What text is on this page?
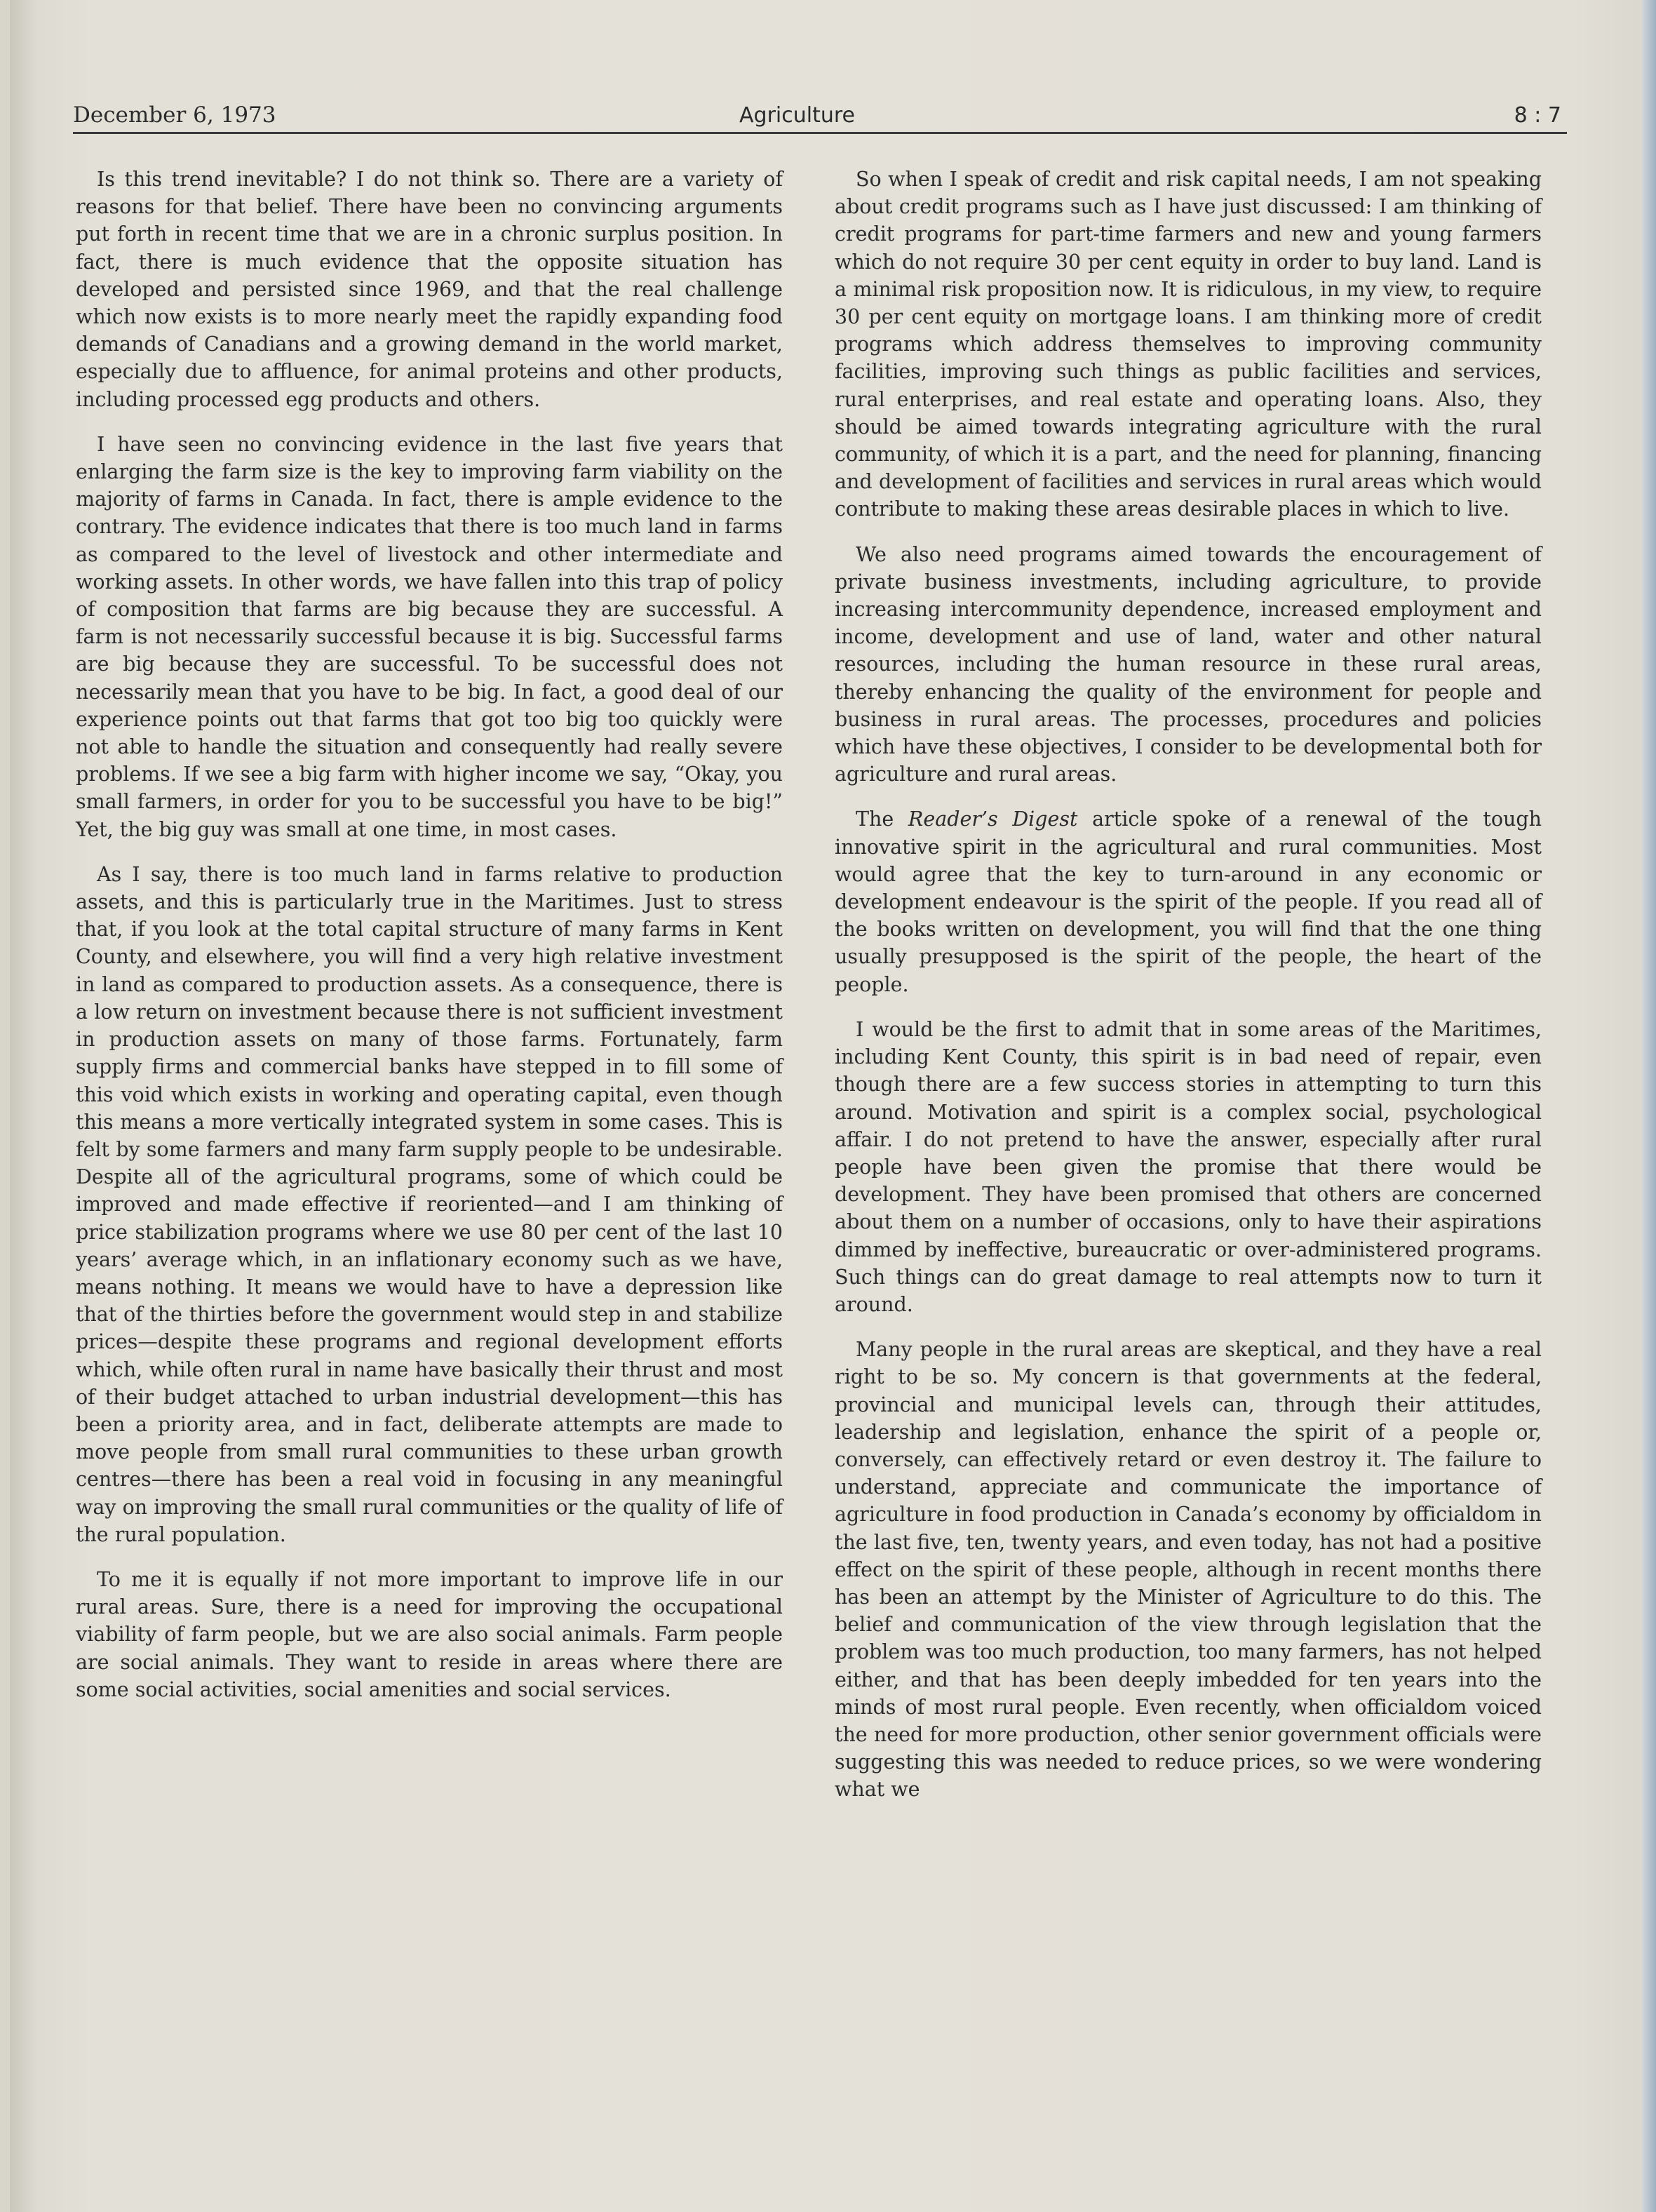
December 6, 1973	Agriculture	8 : 7

Is this trend inevitable? I do not think so. There are a variety of reasons for that belief. There have been no convincing arguments put forth in recent time that we are in a chronic surplus position. In fact, there is much evidence that the opposite situation has developed and persisted since 1969, and that the real challenge which now exists is to more nearly meet the rapidly expanding food demands of Canadians and a growing demand in the world market, especially due to affluence, for animal proteins and other products, including processed egg products and others.

I have seen no convincing evidence in the last five years that enlarging the farm size is the key to improving farm viability on the majority of farms in Canada. In fact, there is ample evidence to the contrary. The evidence indicates that there is too much land in farms as compared to the level of livestock and other intermediate and working assets. In other words, we have fallen into this trap of policy of composition that farms are big because they are successful. A farm is not necessarily successful because it is big. Successful farms are big because they are successful. To be successful does not necessarily mean that you have to be big. In fact, a good deal of our experience points out that farms that got too big too quickly were not able to handle the situation and consequently had really severe problems. If we see a big farm with higher income we say, “Okay, you small farmers, in order for you to be successful you have to be big!” Yet, the big guy was small at one time, in most cases.

As I say, there is too much land in farms relative to production assets, and this is particularly true in the Maritimes. Just to stress that, if you look at the total capital structure of many farms in Kent County, and elsewhere, you will find a very high relative investment in land as compared to production assets. As a consequence, there is a low return on investment because there is not sufficient investment in production assets on many of those farms. Fortunately, farm supply firms and commercial banks have stepped in to fill some of this void which exists in working and operating capital, even though this means a more vertically integrated system in some cases. This is felt by some farmers and many farm supply people to be undesirable. Despite all of the agricultural programs, some of which could be improved and made effective if reoriented—and I am thinking of price stabilization programs where we use 80 per cent of the last 10 years’ average which, in an inflationary economy such as we have, means nothing. It means we would have to have a depression like that of the thirties before the government would step in and stabilize prices—despite these programs and regional development efforts which, while often rural in name have basically their thrust and most of their budget attached to urban industrial development—this has been a priority area, and in fact, deliberate attempts are made to move people from small rural communities to these urban growth centres—there has been a real void in focusing in any meaningful way on improving the small rural communities or the quality of life of the rural population.

To me it is equally if not more important to improve life in our rural areas. Sure, there is a need for improving the occupational viability of farm people, but we are also social animals. Farm people are social animals. They want to reside in areas where there are some social activities, social amenities and social services.

So when I speak of credit and risk capital needs, I am not speaking about credit programs such as I have just discussed: I am thinking of credit programs for part-time farmers and new and young farmers which do not require 30 per cent equity in order to buy land. Land is a minimal risk proposition now. It is ridiculous, in my view, to require 30 per cent equity on mortgage loans. I am thinking more of credit programs which address themselves to improving community facilities, improving such things as public facilities and services, rural enterprises, and real estate and operating loans. Also, they should be aimed towards integrating agriculture with the rural community, of which it is a part, and the need for planning, financing and development of facilities and services in rural areas which would contribute to making these areas desirable places in which to live.

We also need programs aimed towards the encouragement of private business investments, including agriculture, to provide increasing intercommunity dependence, increased employment and income, development and use of land, water and other natural resources, including the human resource in these rural areas, thereby enhancing the quality of the environment for people and business in rural areas. The processes, procedures and policies which have these objectives, I consider to be developmental both for agriculture and rural areas.

The Reader’s Digest article spoke of a renewal of the tough innovative spirit in the agricultural and rural communities. Most would agree that the key to turn-around in any economic or development endeavour is the spirit of the people. If you read all of the books written on development, you will find that the one thing usually presupposed is the spirit of the people, the heart of the people.

I would be the first to admit that in some areas of the Maritimes, including Kent County, this spirit is in bad need of repair, even though there are a few success stories in attempting to turn this around. Motivation and spirit is a complex social, psychological affair. I do not pretend to have the answer, especially after rural people have been given the promise that there would be development. They have been promised that others are concerned about them on a number of occasions, only to have their aspirations dimmed by ineffective, bureaucratic or over-administered programs. Such things can do great damage to real attempts now to turn it around.

Many people in the rural areas are skeptical, and they have a real right to be so. My concern is that governments at the federal, provincial and municipal levels can, through their attitudes, leadership and legislation, enhance the spirit of a people or, conversely, can effectively retard or even destroy it. The failure to understand, appreciate and communicate the importance of agriculture in food production in Canada’s economy by officialdom in the last five, ten, twenty years, and even today, has not had a positive effect on the spirit of these people, although in recent months there has been an attempt by the Minister of Agriculture to do this. The belief and communication of the view through legislation that the problem was too much production, too many farmers, has not helped either, and that has been deeply imbedded for ten years into the minds of most rural people. Even recently, when officialdom voiced the need for more production, other senior government officials were suggesting this was needed to reduce prices, so we were wondering what we
